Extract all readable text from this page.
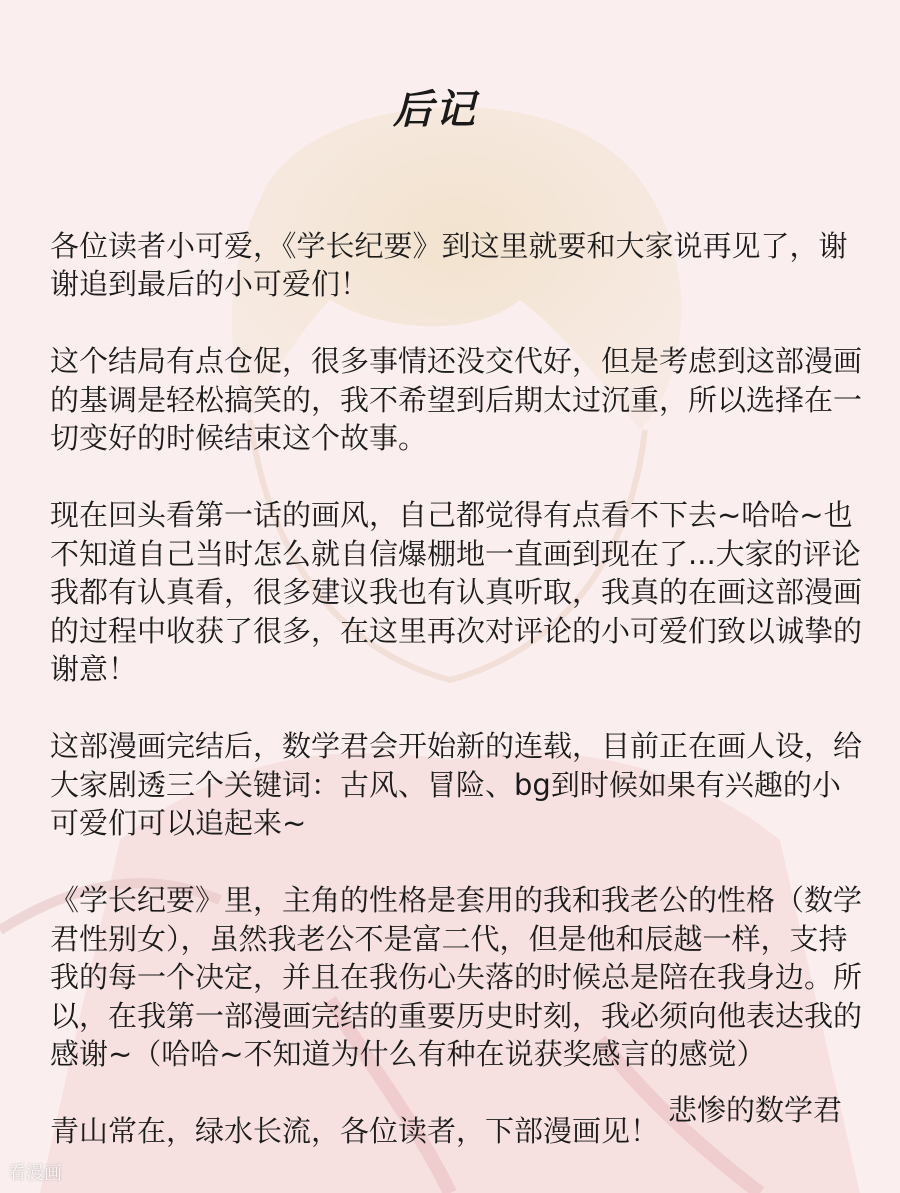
后记

各位读者小可爱，《学长纪要》到这里就要和大家说再见了，谢谢追到最后的小可爱们！

这个结局有点仓促，很多事情还没交代好，但是考虑到这部漫画的基调是轻松搞笑的，我不希望到后期太过沉重，所以选择在一切变好的时候结束这个故事。

现在回头看第一话的画风，自己都觉得有点看不下去~哈哈~也不知道自己当时怎么就自信爆棚地一直画到现在了...大家的评论我都有认真看，很多建议我也有认真听取，我真的在画这部漫画的过程中收获了很多，在这里再次对评论的小可爱们致以诚挚的谢意！

这部漫画完结后，数学君会开始新的连载，目前正在画人设，给大家剧透三个关键词：古风、冒险、bg到时候如果有兴趣的小可爱们可以追起来~

《学长纪要》里，主角的性格是套用的我和我老公的性格（数学君性别女），虽然我老公不是富二代，但是他和辰越一样，支持我的每一个决定，并且在我伤心失落的时候总是陪在我身边。所以，在我第一部漫画完结的重要历史时刻，我必须向他表达我的感谢~（哈哈~不知道为什么有种在说获奖感言的感觉）

青山常在，绿水长流，各位读者，下部漫画见！

悲惨的数学君
看漫画
